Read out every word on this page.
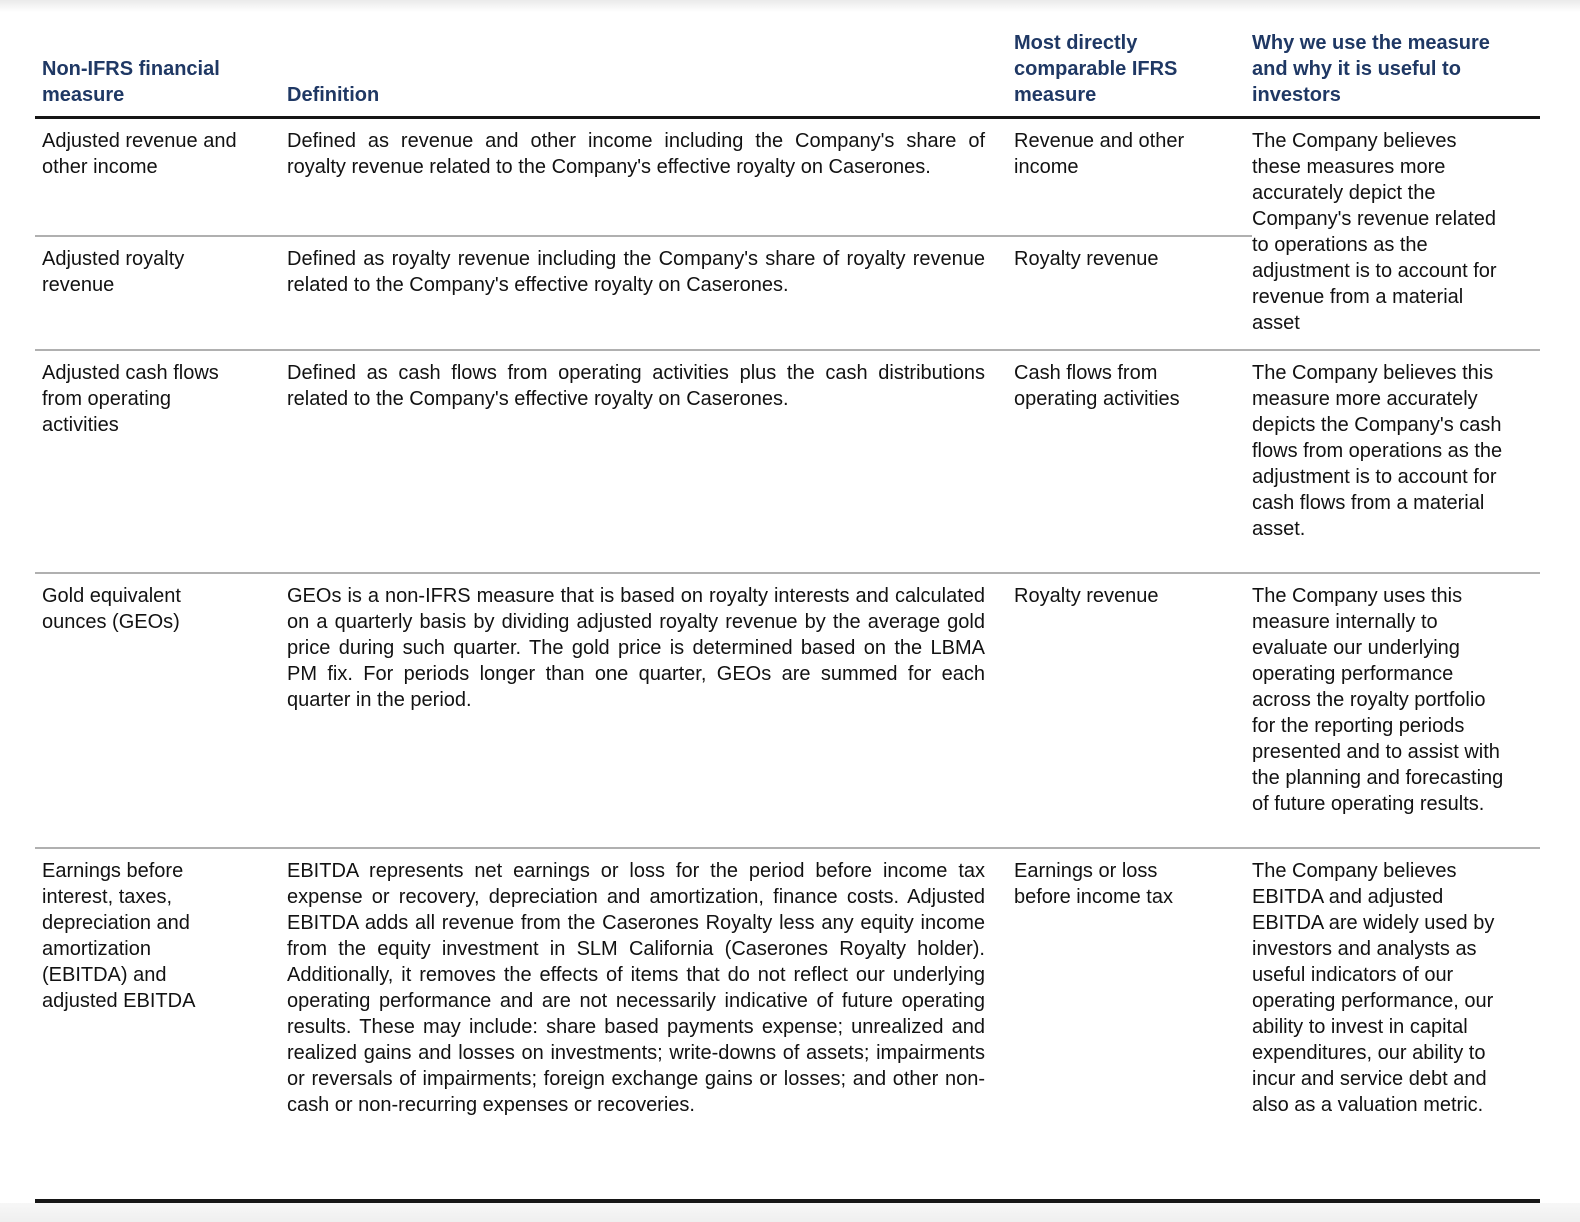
Non-IFRS financial measure	Definition
Most directly comparable IFRS measure
Why we use the measure and why it is useful to investors
Adjusted revenue and other income
Defined as revenue and other income including the Company's share of royalty revenue related to the Company's effective royalty on Caserones.
Revenue and other income
The Company believes these measures more accurately depict the Company's revenue related to operations as the adjustment is to account for revenue from a material asset
Adjusted royalty revenue
Defined as royalty revenue including the Company's share of royalty revenue related to the Company's effective royalty on Caserones.
Royalty revenue
Adjusted cash flows from operating activities
Defined as cash flows from operating activities plus the cash distributions related to the Company's effective royalty on Caserones.
Cash flows from operating activities
The Company believes this measure more accurately depicts the Company's cash flows from operations as the adjustment is to account for cash flows from a material asset.
Gold equivalent ounces (GEOs)
GEOs is a non-IFRS measure that is based on royalty interests and calculated on a quarterly basis by dividing adjusted royalty revenue by the average gold price during such quarter. The gold price is determined based on the LBMA PM fix. For periods longer than one quarter, GEOs are summed for each quarter in the period.
Royalty revenue	The Company uses this measure internally to evaluate our underlying operating performance across the royalty portfolio for the reporting periods presented and to assist with the planning and forecasting of future operating results.
Earnings before interest, taxes, depreciation and amortization (EBITDA) and adjusted EBITDA
EBITDA represents net earnings or loss for the period before income tax expense or recovery, depreciation and amortization, finance costs. Adjusted EBITDA adds all revenue from the Caserones Royalty less any equity income from the equity investment in SLM California (Caserones Royalty holder). Additionally, it removes the effects of items that do not reflect our underlying operating performance and are not necessarily indicative of future operating results. These may include: share based payments expense; unrealized and realized gains and losses on investments; write-downs of assets; impairments or reversals of impairments; foreign exchange gains or losses; and other non-cash or non-recurring expenses or recoveries.
Earnings or loss before income tax
The Company believes EBITDA and adjusted EBITDA are widely used by investors and analysts as useful indicators of our operating performance, our ability to invest in capital expenditures, our ability to incur and service debt and also as a valuation metric.
